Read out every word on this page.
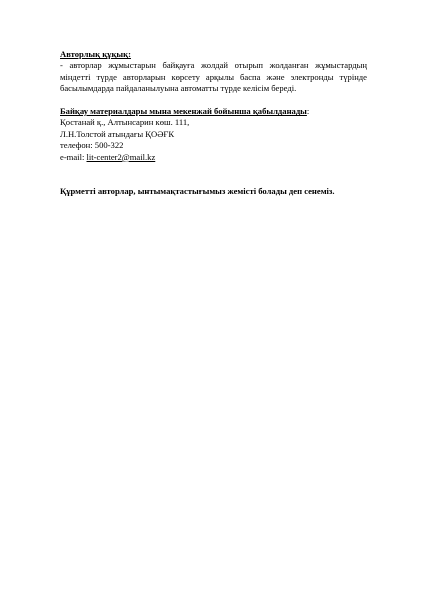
Авторлық құқық:
- авторлар жұмыстарын байқауға жолдай отырып жолданған жұмыстардың міндетті түрде авторларын көрсету арқылы баспа және электронды түрінде басылымдарда пайдаланылуына автоматты түрде келісім береді.
Байқау материалдары мына мекенжай бойынша қабылданады:
Қостанай қ., Алтынсарин көш. 111,
Л.Н.Толстой атындағы ҚОӘҒК
телефон: 500-322
e-mail: lit-center2@mail.kz
Құрметті авторлар, ынтымақтастығымыз жемісті болады деп сенеміз.
